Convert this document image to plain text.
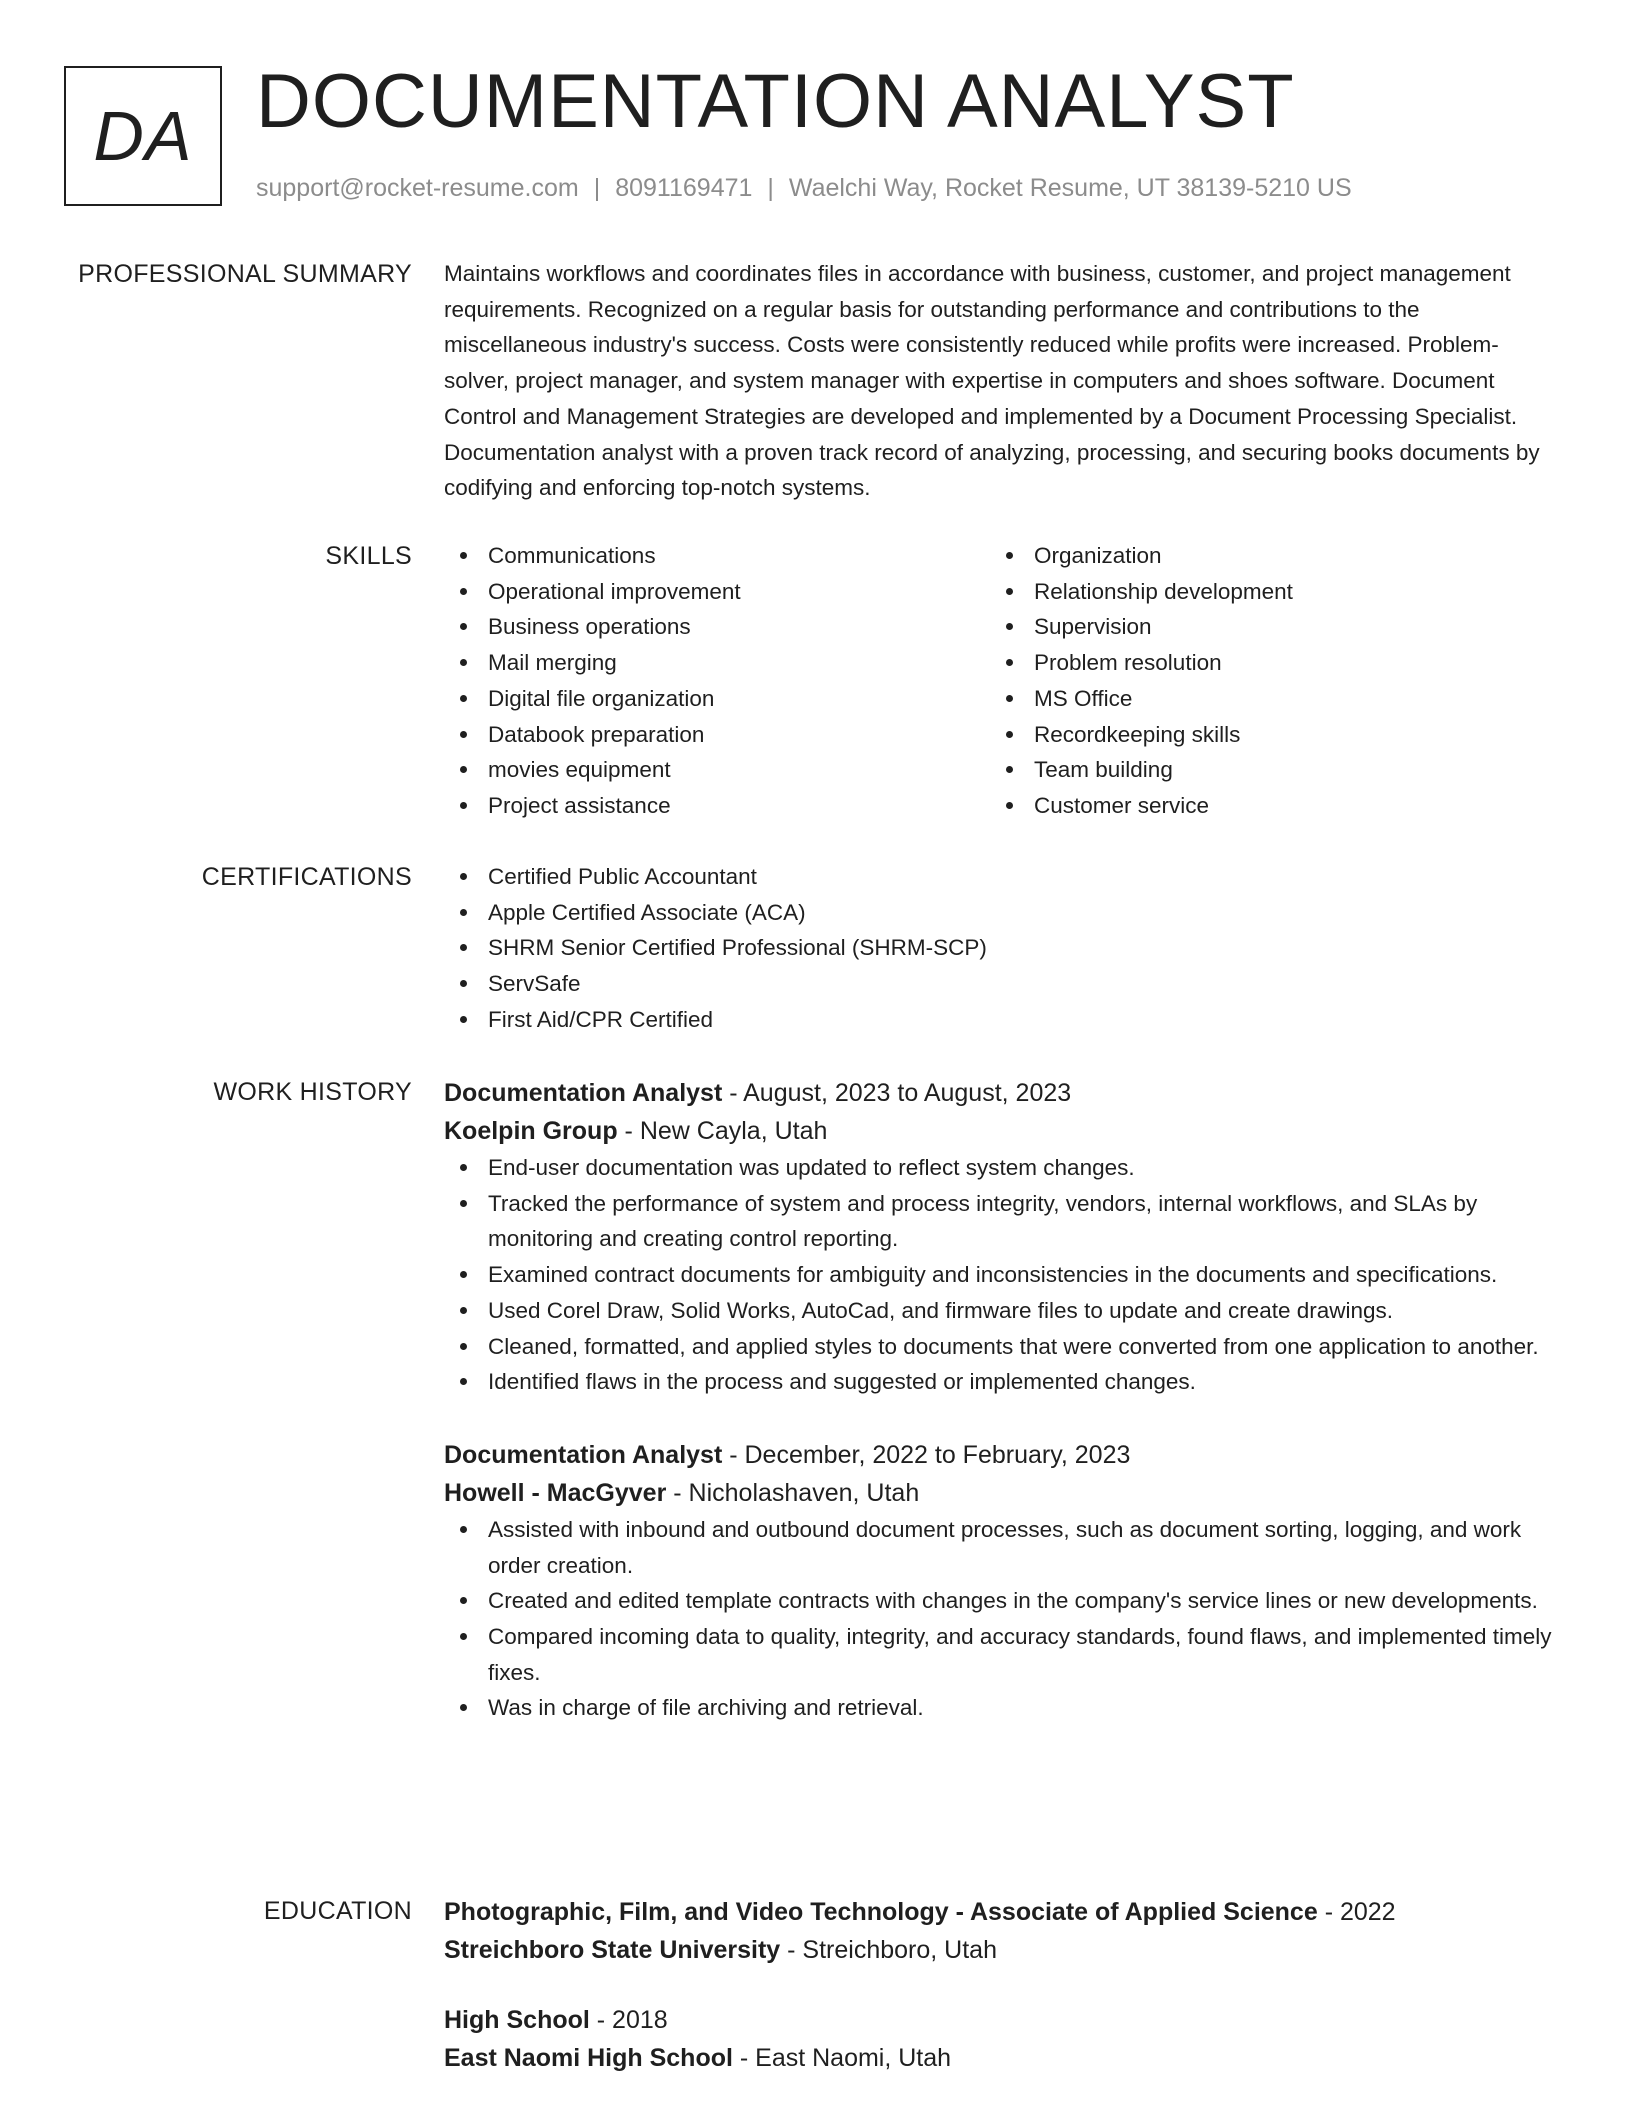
DA DOCUMENTATION ANALYST
support@rocket-resume.com | 8091169471 | Waelchi Way, Rocket Resume, UT 38139-5210 US
PROFESSIONAL SUMMARY Maintains workflows and coordinates files in accordance with business, customer, and project management requirements. Recognized on a regular basis for outstanding performance and contributions to the miscellaneous industry's success. Costs were consistently reduced while profits were increased. Problem-solver, project manager, and system manager with expertise in computers and shoes software. Document Control and Management Strategies are developed and implemented by a Document Processing Specialist. Documentation analyst with a proven track record of analyzing, processing, and securing books documents by codifying and enforcing top-notch systems.

SKILLS	Communications
Operational improvement
Business operations
Mail merging
Digital file organization
Databook preparation
movies equipment
Project assistance
Organization
Relationship development
Supervision
Problem resolution
MS Office
Recordkeeping skills
Team building
Customer service
CERTIFICATIONS	Certified Public Accountant
Apple Certified Associate (ACA)
SHRM Senior Certified Professional (SHRM-SCP)
ServSafe
First Aid/CPR Certified
WORK HISTORY Documentation Analyst - August, 2023 to August, 2023

Koelpin Group - New Cayla, Utah

End-user documentation was updated to reflect system changes.
Tracked the performance of system and process integrity, vendors, internal workflows, and SLAs by monitoring and creating control reporting.
Examined contract documents for ambiguity and inconsistencies in the documents and specifications.
Used Corel Draw, Solid Works, AutoCad, and firmware files to update and create drawings.
Cleaned, formatted, and applied styles to documents that were converted from one application to another.
Identified flaws in the process and suggested or implemented changes.

Documentation Analyst - December, 2022 to February, 2023

Howell - MacGyver - Nicholashaven, Utah

Assisted with inbound and outbound document processes, such as document sorting, logging, and work order creation.
Created and edited template contracts with changes in the company's service lines or new developments.
Compared incoming data to quality, integrity, and accuracy standards, found flaws, and implemented timely fixes.
Was in charge of file archiving and retrieval.
EDUCATION Photographic, Film, and Video Technology - Associate of Applied Science - 2022

Streichboro State University - Streichboro, Utah

High School - 2018

East Naomi High School - East Naomi, Utah
